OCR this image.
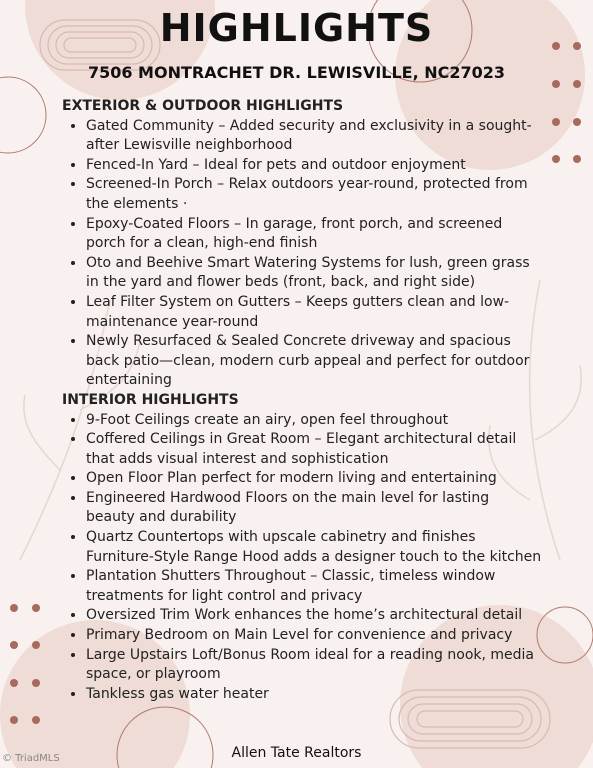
HIGHLIGHTS
7506 MONTRACHET DR. LEWISVILLE, NC27023
EXTERIOR & OUTDOOR HIGHLIGHTS
• Gated Community – Added security and exclusivity in a sought-after Lewisville neighborhood
• Fenced-In Yard – Ideal for pets and outdoor enjoyment
• Screened-In Porch – Relax outdoors year-round, protected from the elements ·
• Epoxy-Coated Floors – In garage, front porch, and screened porch for a clean, high-end finish
• Oto and Beehive Smart Watering Systems for lush, green grass in the yard and flower beds (front, back, and right side)
• Leaf Filter System on Gutters – Keeps gutters clean and low-maintenance year-round
• Newly Resurfaced & Sealed Concrete driveway and spacious back patio—clean, modern curb appeal and perfect for outdoor entertaining
INTERIOR HIGHLIGHTS
• 9-Foot Ceilings create an airy, open feel throughout
• Coffered Ceilings in Great Room – Elegant architectural detail that adds visual interest and sophistication
• Open Floor Plan perfect for modern living and entertaining
• Engineered Hardwood Floors on the main level for lasting beauty and durability
• Quartz Countertops with upscale cabinetry and finishes Furniture-Style Range Hood adds a designer touch to the kitchen
• Plantation Shutters Throughout – Classic, timeless window treatments for light control and privacy
• Oversized Trim Work enhances the home’s architectural detail
• Primary Bedroom on Main Level for convenience and privacy
• Large Upstairs Loft/Bonus Room ideal for a reading nook, media space, or playroom
• Tankless gas water heater
Allen Tate Realtors
© TriadMLS
